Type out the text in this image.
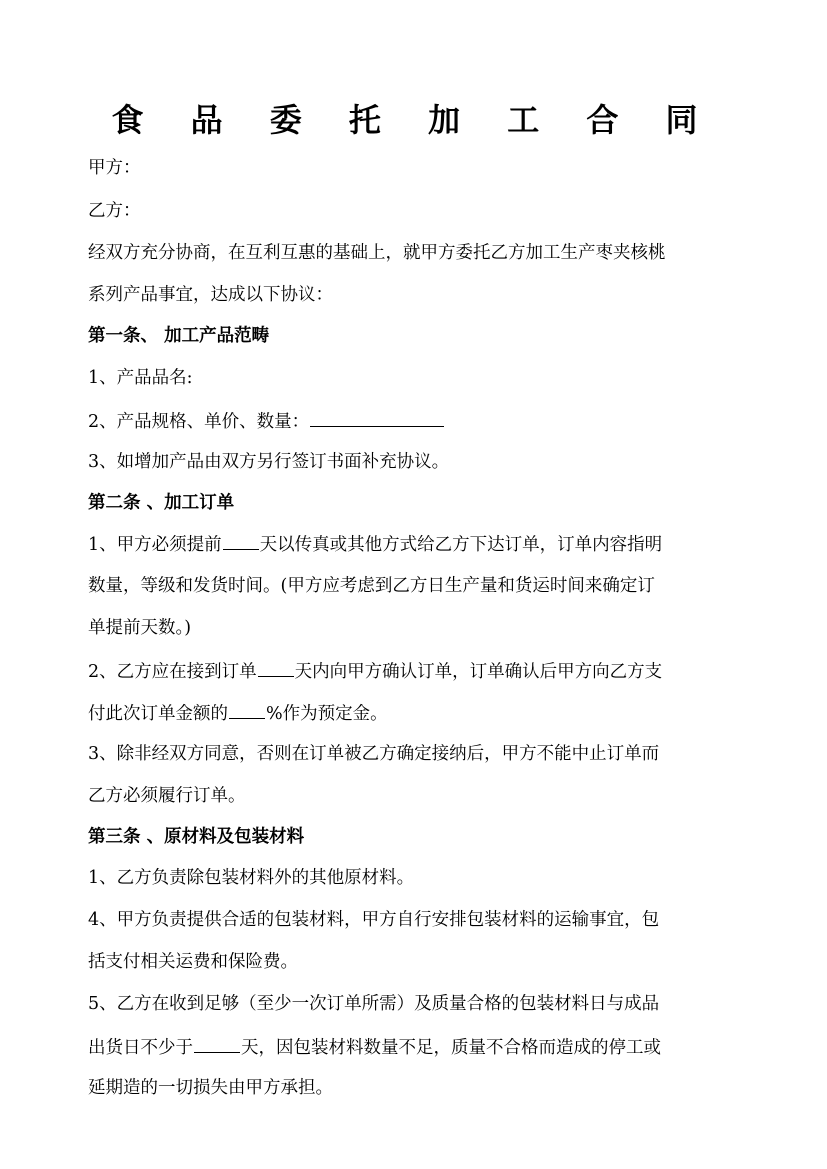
食 品 委 托 加 工 合 同
甲方：
乙方：
经双方充分协商，在互利互惠的基础上，就甲方委托乙方加工生产枣夹核桃
系列产品事宜，达成以下协议：
第一条、 加工产品范畴
1、产品品名:
2、产品规格、单价、数量：
3、如增加产品由双方另行签订书面补充协议。
第二条 、加工订单
1、甲方必须提前 天以传真或其他方式给乙方下达订单，订单内容指明
数量，等级和发货时间。(甲方应考虑到乙方日生产量和货运时间来确定订
单提前天数。)
2、乙方应在接到订单 天内向甲方确认订单，订单确认后甲方向乙方支
付此次订单金额的 %作为预定金。
3、除非经双方同意，否则在订单被乙方确定接纳后，甲方不能中止订单而
乙方必须履行订单。
第三条 、原材料及包装材料
1、乙方负责除包装材料外的其他原材料。
4、甲方负责提供合适的包装材料，甲方自行安排包装材料的运输事宜，包
括支付相关运费和保险费。
5、乙方在收到足够（至少一次订单所需）及质量合格的包装材料日与成品
出货日不少于	天，因包装材料数量不足，质量不合格而造成的停工或
延期造的一切损失由甲方承担。
